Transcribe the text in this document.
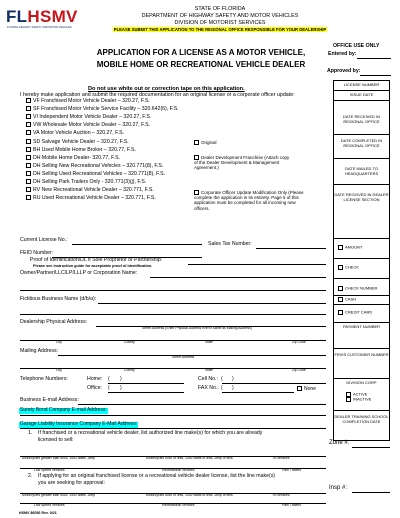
FLHSMV
FLORIDA HIGHWAY SAFETY AND MOTOR VEHICLES
STATE OF FLORIDA
DEPARTMENT OF HIGHWAY SAFETY AND MOTOR VEHICLES
DIVISION OF MOTORIST SERVICES
PLEASE SUBMIT THIS APPLICATION TO THE REGIONAL OFFICE RESPONSIBLE FOR YOUR DEALERSHIP
APPLICATION FOR A LICENSE AS A MOTOR VEHICLE,
MOBILE HOME OR RECREATIONAL VEHICLE DEALER
OFFICE USE ONLY
Entered by:
Approved by:
LICENSE NUMBER
ISSUE DATE
DATE RECEIVED IN REGIONAL OFFICE
DATE COMPLETED IN REGIONAL OFFICE
DATE MAILED TO HEADQUARTERS
DATE RECEIVED IN DEALER LICENSE SECTION
AMOUNT
CHECK
CHECK NUMBER
CASH
CREDIT CARD
PAYMENT NUMBER
FRVIS CUSTOMER NUMBER
DIVISION CORP
ACTIVE
INACTIVE
DEALER TRAINING SCHOOL COMPLETION DATE
Do not use white out or correction tape on this application.
I hereby make application and submit the required documentation for an original license or a corporate officer update:
VF Franchised Motor Vehicle Dealer – 320.27, F.S.
SF Franchised Motor Vehicle Service Facility – 320.642(6), F.S.
VI Independent Motor Vehicle Dealer – 320.27, F.S.
VW Wholesale Motor Vehicle Dealer – 320.27, F.S.
VA Motor Vehicle Auction – 320.27, F.S.
SD Salvage Vehicle Dealer – 320.27, F.S.
BH Used Mobile Home Broker – 320.77, F.S.
DH Mobile Home Dealer- 320.77, F.S.
DH Selling New Recreational Vehicles – 320.771(8), F.S.
DH Selling Used Recreational Vehicles – 320.771(8), F.S.
DH Selling Park Trailers Only - 320.771(3)(j), F.S.
RV New Recreational Vehicle Dealer – 320.771, F.S.
RU Used Recreational Vehicle Dealer – 320.771, F.S.
Original
Dealer Development Franchise (Attach copy of the Dealer Development & Management Agreement.)
Corporate Officer Update Modification Only (Please complete the application in its entirety. Page 5 of this application must be completed for all incoming new officers.
Current License No.:
Sales Tax Number:
FEID Number:
Proof of Identification/DL if Sole Proprietor or Partnership:
Please see instruction guide for acceptable proof of identification.
Owner/Partner/LLC/LP/LLLP or Corporation Name:
Fictitious Business Name (d/b/a):
Dealership Physical Address:
Street Address (Enter Physical Address even if same as Mailing Address)
City	County	State	Zip Code
Mailing Address:
Street Address
City	County	State	Zip Code
Telephone Numbers:	Home: ( )	Cell No.: ( )
Office: ( )	FAX No.: ( )	None
Business E-mail Address:
Surety Bond Company E-mail Address:
Garage Liability Insurance Company E-Mail Address:
1. If franchised or a recreational vehicle dealer, list authorized line make(s) for which you are already
licensed to sell:
Motorcycles greater than 50cc, 1492 watts, 2bhp	Motorcycles 50cc or less, 1492 watts or less, 2bhp or less	Tri-Vehicles
Low Speed Vehicles	Recreational Vehicles	Park Trailers
2. If applying for an original franchised license or a recreational vehicle dealer license, list the line make(s)
you are seeking for approval:
Motorcycles greater than 50cc, 1492 watts, 2bhp	Motorcycles 50cc or less, 1492 watts or less, 2bhp or less	Tri-Vehicles
Low Speed Vehicles	Recreational Vehicles	Park Trailers
Zone #:
Insp #:
HSMV 86056 Rev. 9/21
